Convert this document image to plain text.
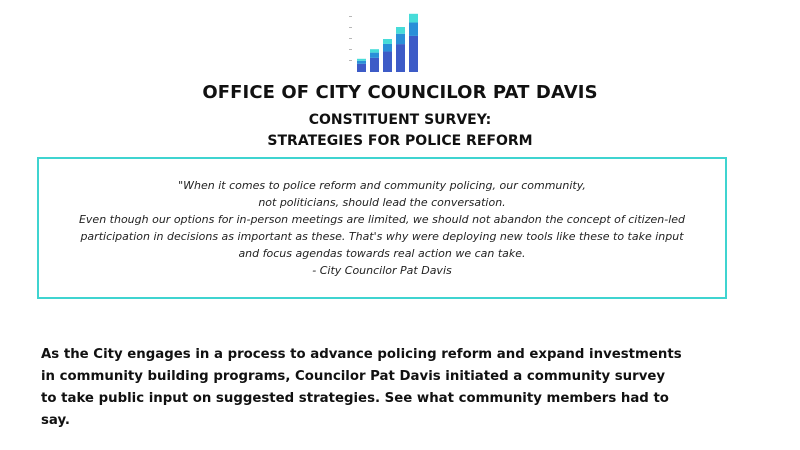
OFFICE OF CITY COUNCILOR PAT DAVIS
CONSTITUENT SURVEY:
STRATEGIES FOR POLICE REFORM
"When it comes to police reform and community policing, our community,
not politicians, should lead the conversation.
Even though our options for in-person meetings are limited, we should not abandon the concept of citizen-led
participation in decisions as important as these. That's why were deploying new tools like these to take input
and focus agendas towards real action we can take.
- City Councilor Pat Davis
As the City engages in a process to advance policing reform and expand investments
in community building programs, Councilor Pat Davis initiated a community survey
to take public input on suggested strategies. See what community members had to
say.
